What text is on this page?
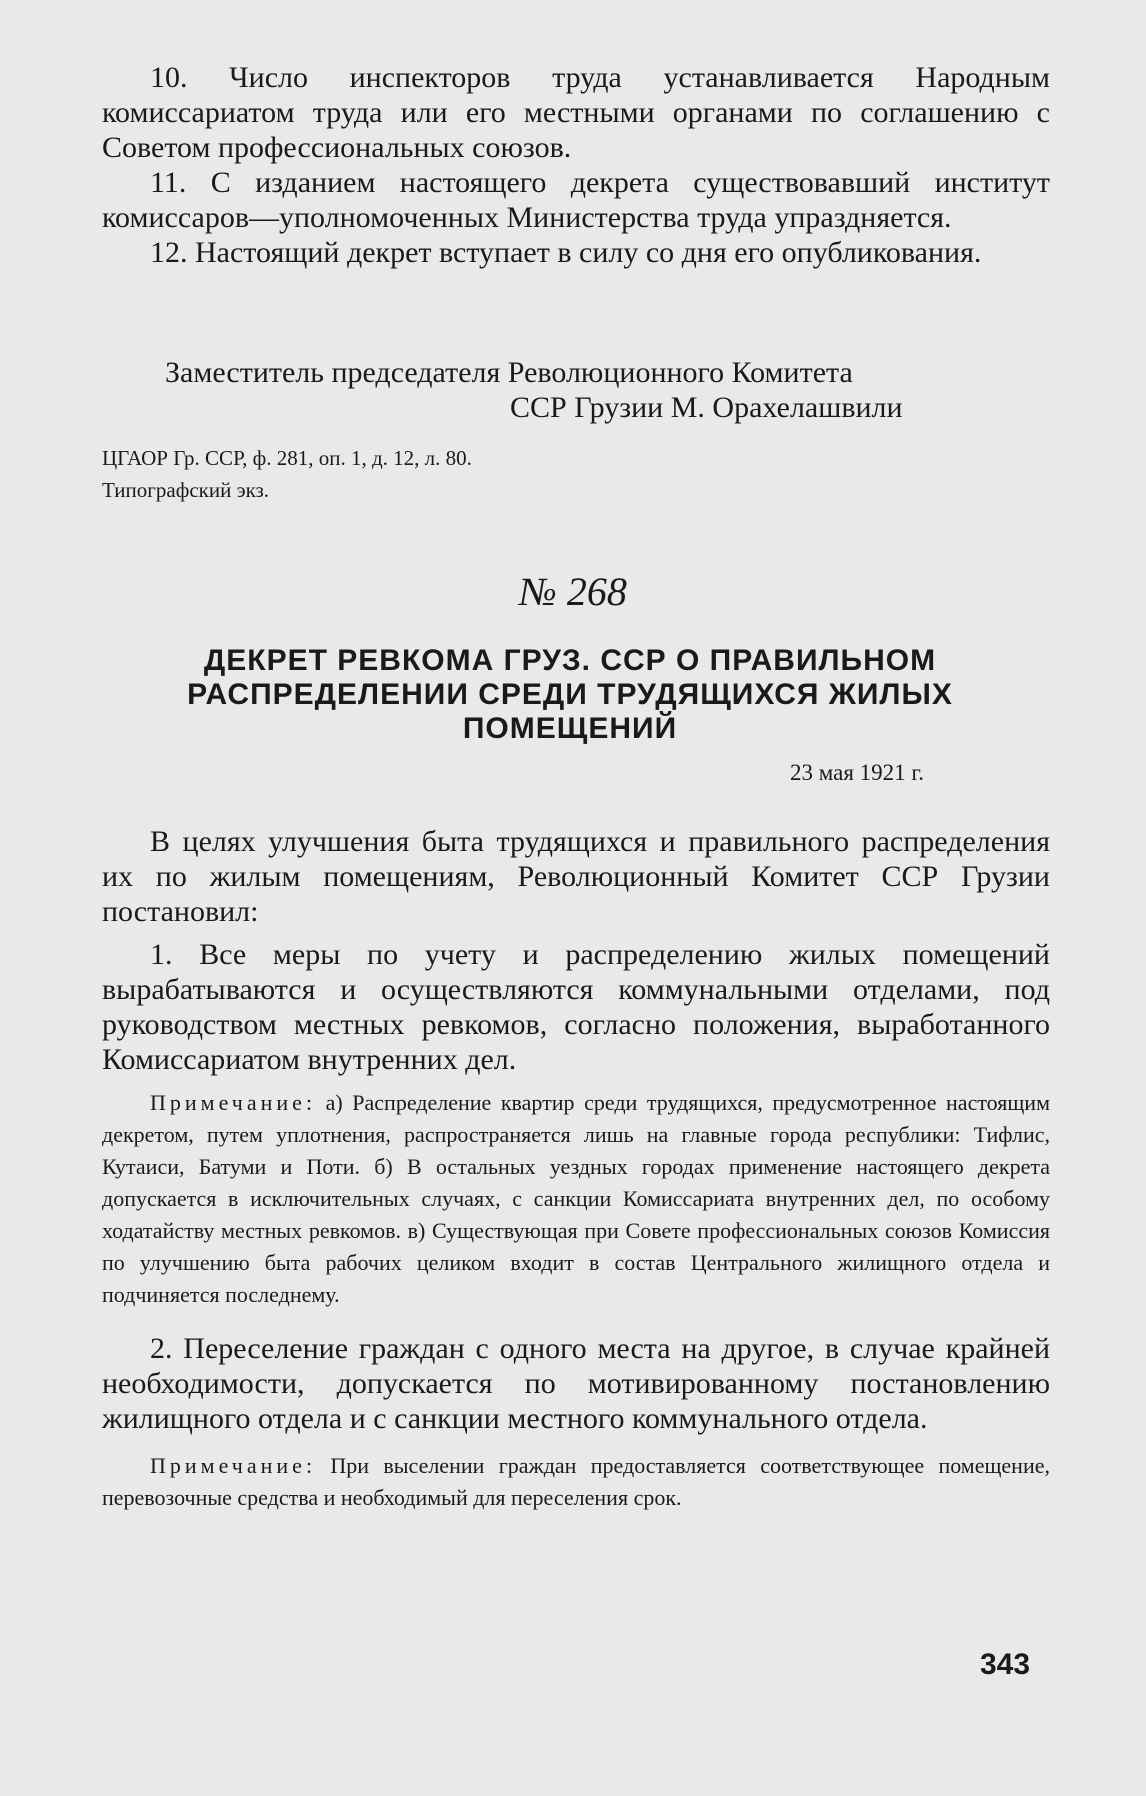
10. Число инспекторов труда устанавливается Народным комиссариатом труда или его местными органами по соглашению с Советом профессиональных союзов.

11. С изданием настоящего декрета существовавший институт комиссаров—уполномоченных Министерства труда упраздняется.

12. Настоящий декрет вступает в силу со дня его опубликования.

Заместитель председателя Революционного Комитета
ССР Грузии М. Орахелашвили
ЦГАОР Гр. ССР, ф. 281, оп. 1, д. 12, л. 80.
Типографский экз.
№ 268
ДЕКРЕТ РЕВКОМА ГРУЗ. ССР О ПРАВИЛЬНОМ РАСПРЕДЕЛЕНИИ СРЕДИ ТРУДЯЩИХСЯ ЖИЛЫХ ПОМЕЩЕНИЙ
23 мая 1921 г.

В целях улучшения быта трудящихся и правильного распределения их по жилым помещениям, Революционный Комитет ССР Грузии постановил:

1. Все меры по учету и распределению жилых помещений вырабатываются и осуществляются коммунальными отделами, под руководством местных ревкомов, согласно положения, выработанного Комиссариатом внутренних дел.

Примечание: а) Распределение квартир среди трудящихся, предусмотренное настоящим декретом, путем уплотнения, распространяется лишь на главные города республики: Тифлис, Кутаиси, Батуми и Поти. б) В остальных уездных городах применение настоящего декрета допускается в исключительных случаях, с санкции Комиссариата внутренних дел, по особому ходатайству местных ревкомов. в) Существующая при Совете профессиональных союзов Комиссия по улучшению быта рабочих целиком входит в состав Центрального жилищного отдела и подчиняется последнему.

2. Переселение граждан с одного места на другое, в случае крайней необходимости, допускается по мотивированному постановлению жилищного отдела и с санкции местного коммунального отдела.

Примечание: При выселении граждан предоставляется соответствующее помещение, перевозочные средства и необходимый для переселения срок.

343
